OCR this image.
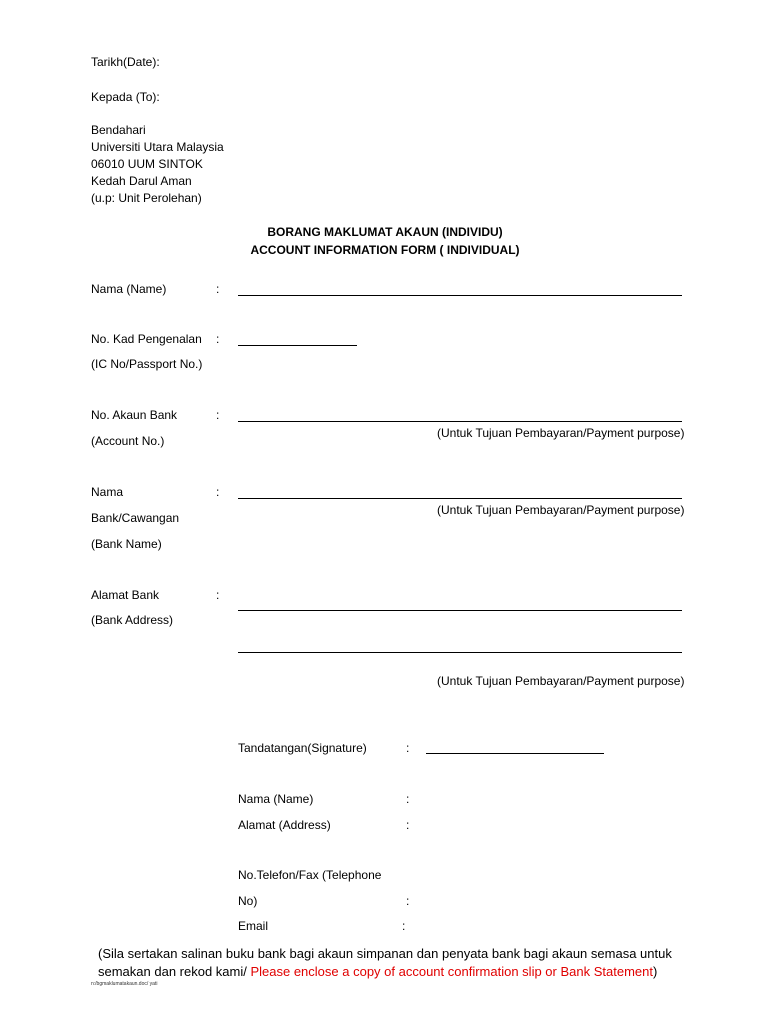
Tarikh(Date):
Kepada (To):
Bendahari
Universiti Utara Malaysia
06010 UUM SINTOK
Kedah Darul Aman
(u.p: Unit Perolehan)
BORANG MAKLUMAT AKAUN (INDIVIDU)
ACCOUNT INFORMATION FORM ( INDIVIDUAL)
Nama (Name)	:
No. Kad Pengenalan :
(IC No/Passport No.)
No. Akaun Bank	:
(Untuk Tujuan Pembayaran/Payment purpose)
(Account No.)
Nama	:
(Untuk Tujuan Pembayaran/Payment purpose)
Bank/Cawangan
(Bank Name)
Alamat Bank	:
(Bank Address)
(Untuk Tujuan Pembayaran/Payment purpose)
Tandatangan(Signature)	:
Nama (Name)	:
Alamat (Address)	:
No.Telefon/Fax (Telephone
No)	:
Email	:
(Sila sertakan salinan buku bank bagi akaun simpanan dan penyata bank bagi akaun semasa untuk
semakan dan rekod kami/ Please enclose a copy of account confirmation slip or Bank Statement)
n:/bgmaklumatakaun.doc/ yati
